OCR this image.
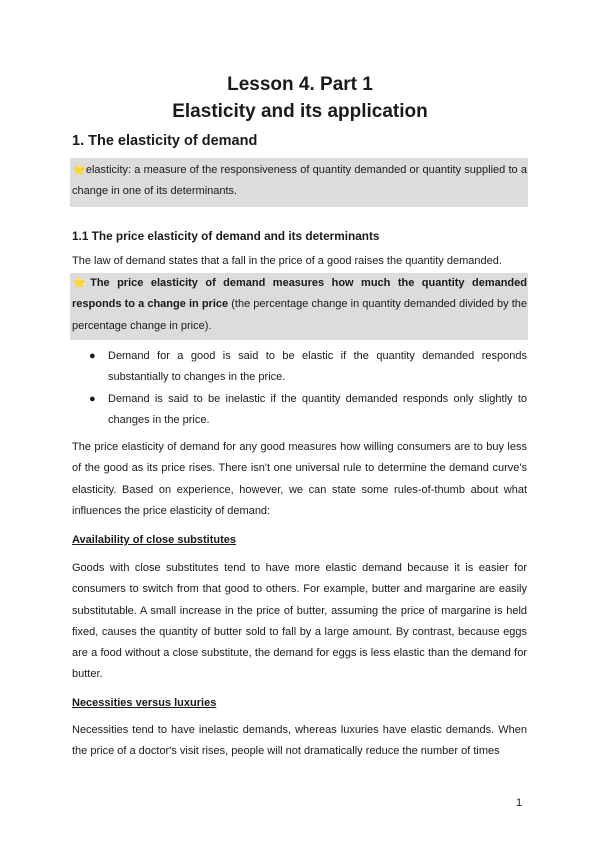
Lesson 4. Part 1
Elasticity and its application
1. The elasticity of demand
⭐elasticity: a measure of the responsiveness of quantity demanded or quantity supplied to a change in one of its determinants.
1.1 The price elasticity of demand and its determinants
The law of demand states that a fall in the price of a good raises the quantity demanded.
⭐The price elasticity of demand measures how much the quantity demanded responds to a change in price (the percentage change in quantity demanded divided by the percentage change in price).
● Demand for a good is said to be elastic if the quantity demanded responds substantially to changes in the price.
● Demand is said to be inelastic if the quantity demanded responds only slightly to changes in the price.
The price elasticity of demand for any good measures how willing consumers are to buy less of the good as its price rises. There isn't one universal rule to determine the demand curve's elasticity. Based on experience, however, we can state some rules-of-thumb about what influences the price elasticity of demand:
Availability of close substitutes
Goods with close substitutes tend to have more elastic demand because it is easier for consumers to switch from that good to others. For example, butter and margarine are easily substitutable. A small increase in the price of butter, assuming the price of margarine is held fixed, causes the quantity of butter sold to fall by a large amount. By contrast, because eggs are a food without a close substitute, the demand for eggs is less elastic than the demand for butter.
Necessities versus luxuries
Necessities tend to have inelastic demands, whereas luxuries have elastic demands. When the price of a doctor's visit rises, people will not dramatically reduce the number of times
1
